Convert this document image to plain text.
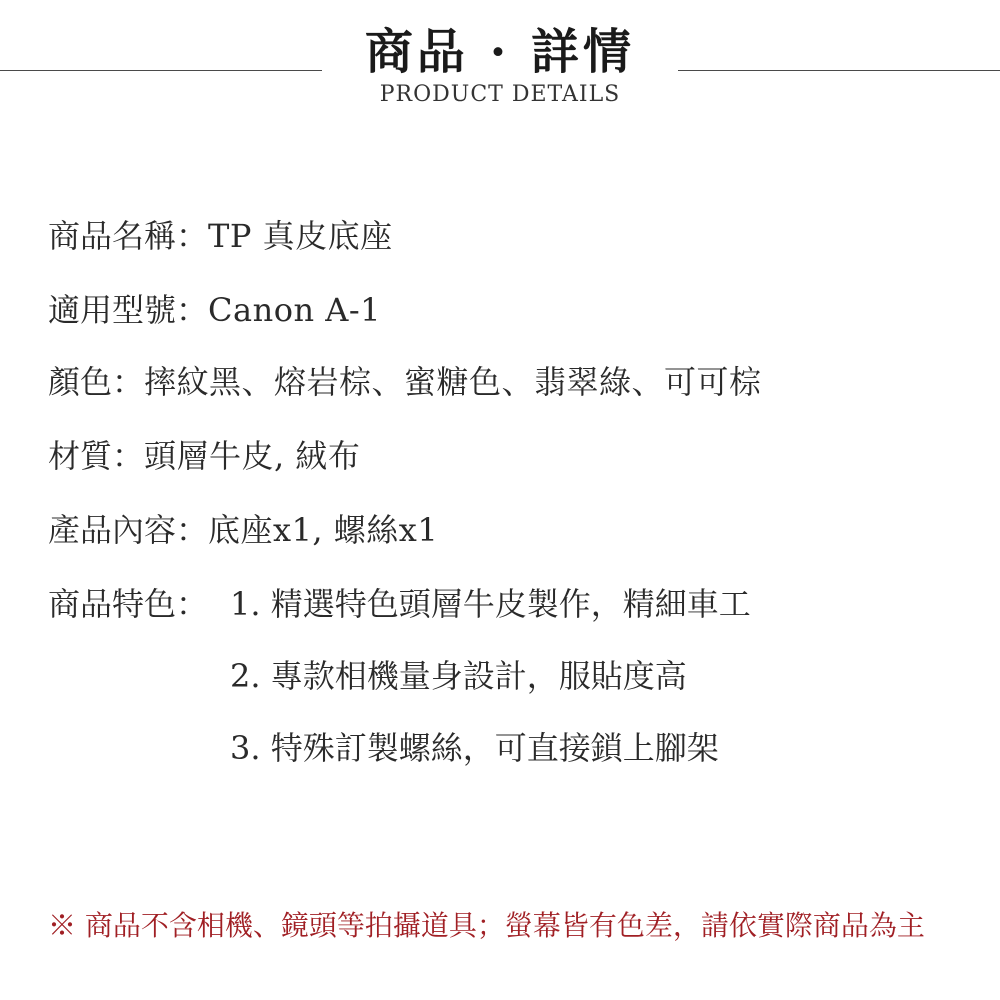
商品 · 詳情
PRODUCT DETAILS
商品名稱：TP 真皮底座
適用型號：Canon A-1
顏色：摔紋黑、熔岩棕、蜜糖色、翡翠綠、可可棕
材質：頭層牛皮, 絨布
產品內容：底座x1, 螺絲x1
商品特色： 1. 精選特色頭層牛皮製作，精細車工
2. 專款相機量身設計，服貼度高
3. 特殊訂製螺絲，可直接鎖上腳架
※ 商品不含相機、鏡頭等拍攝道具；螢幕皆有色差，請依實際商品為主
